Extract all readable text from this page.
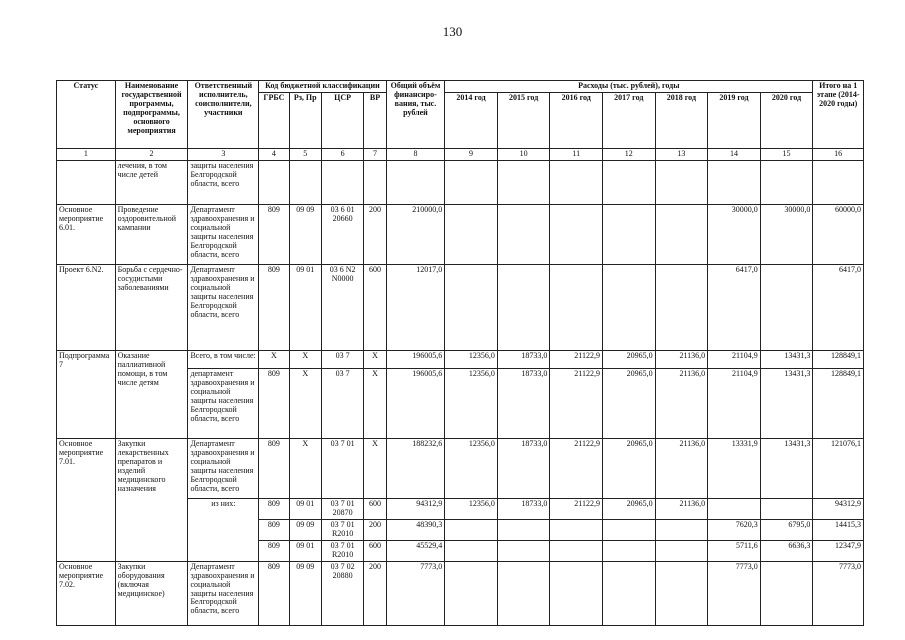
130
Статус	Наименование государственной программы, подпрограммы, основного мероприятия	Ответственный исполнитель, соисполнители, участники	Код бюджетной классификации				Общий объём финансиро-вания, тыс. рублей	Расходы (тыс. рублей), годы							Итого на 1 этапе (2014-2020 годы)
			ГРБС	Рз, Пр	ЦСР	ВР		2014 год	2015 год	2016 год	2017 год	2018 год	2019 год	2020 год	
1	2	3	4	5	6	7	8	9	10	11	12	13	14	15	16
	лечения, в том числе детей	защиты населения Белгородской области, всего													
Основное мероприятие 6.01.	Проведение оздоровительной кампании	Департамент здравоохранения и социальной защиты населения Белгородской области, всего	809	09 09	03 6 01 20660	200	210000,0						30000,0	30000,0	60000,0
Проект 6.N2.	Борьба с сердечно-сосудистыми заболеваниями	Департамент здравоохранения и социальной защиты населения Белгородской области, всего	809	09 01	03 6 N2 N0000	600	12017,0						6417,0		6417,0
Подпрограмма 7	Оказание паллиативной помощи, в том числе детям	Всего, в том числе:	X	X	03 7	X	196005,6	12356,0	18733,0	21122,9	20965,0	21136,0	21104,9	13431,3	128849,1
		департамент здравоохранения и социальной защиты населения Белгородской области, всего	809	X	03 7	X	196005,6	12356,0	18733,0	21122,9	20965,0	21136,0	21104,9	13431,3	128849,1
Основное мероприятие 7.01.	Закупки лекарственных препаратов и изделий медицинского назначения	Департамент здравоохранения и социальной защиты населения Белгородской области, всего	809	X	03 7 01	X	188232,6	12356,0	18733,0	21122,9	20965,0	21136,0	13331,9	13431,3	121076,1
		из них:	809	09 01	03 7 01 20870	600	94312,9	12356,0	18733,0	21122,9	20965,0	21136,0			94312,9
			809	09 09	03 7 01 R2010	200	48390,3						7620,3	6795,0	14415,3
			809	09 01	03 7 01 R2010	600	45529,4						5711,6	6636,3	12347,9
Основное мероприятие 7.02.	Закупки оборудования (включая медицинское)	Департамент здравоохранения и социальной защиты населения Белгородской области, всего	809	09 09	03 7 02 20880	200	7773,0						7773,0		7773,0
